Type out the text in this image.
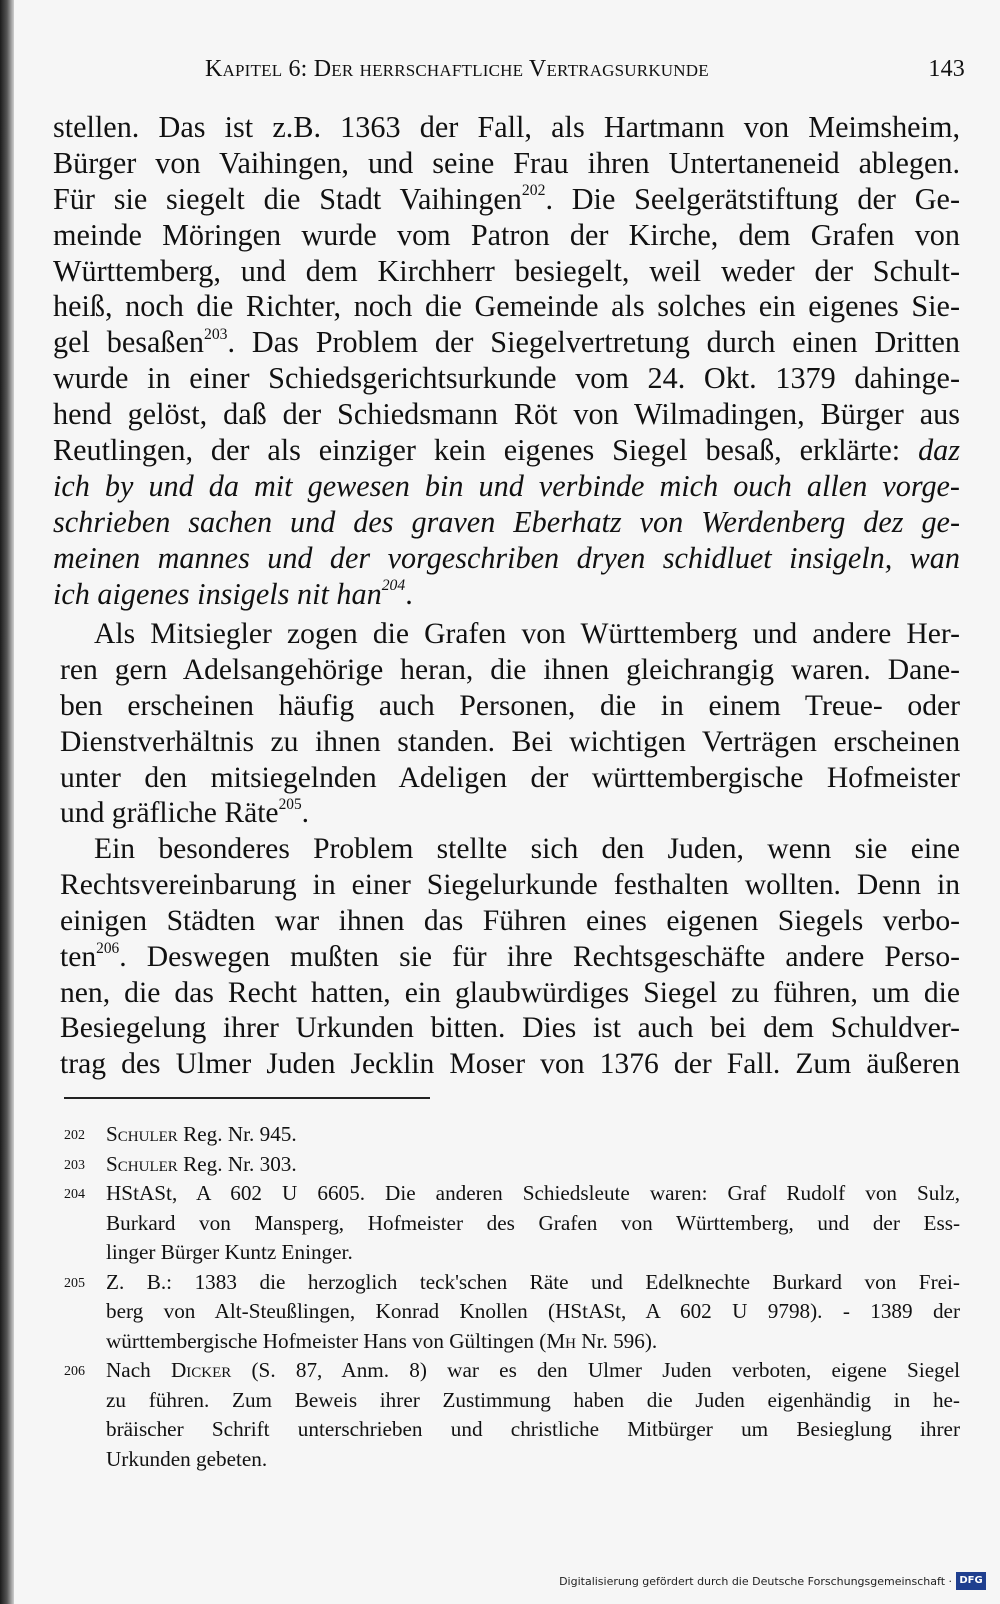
Kapitel 6: Der herrschaftliche Vertragsurkunde	143
stellen. Das ist z.B. 1363 der Fall, als Hartmann von Meimsheim,
Bürger von Vaihingen, und seine Frau ihren Untertaneneid ablegen.
Für sie siegelt die Stadt Vaihingen$^{202}$. Die Seelgerätstiftung der Ge-
meinde Möringen wurde vom Patron der Kirche, dem Grafen von
Württemberg, und dem Kirchherr besiegelt, weil weder der Schult-
heiß, noch die Richter, noch die Gemeinde als solches ein eigenes Sie-
gel besaßen$^{203}$. Das Problem der Siegelvertretung durch einen Dritten
wurde in einer Schiedsgerichtsurkunde vom 24. Okt. 1379 dahinge-
hend gelöst, daß der Schiedsmann Röt von Wilmadingen, Bürger aus
Reutlingen, der als einziger kein eigenes Siegel besaß, erklärte: daz
ich by und da mit gewesen bin und verbinde mich ouch allen vorge-
schrieben sachen und des graven Eberhatz von Werdenberg dez ge-
meinen mannes und der vorgeschriben dryen schidluet insigeln, wan
ich aigenes insigels nit han$^{204}$.
Als Mitsiegler zogen die Grafen von Württemberg und andere Her-
ren gern Adelsangehörige heran, die ihnen gleichrangig waren. Dane-
ben erscheinen häufig auch Personen, die in einem Treue- oder
Dienstverhältnis zu ihnen standen. Bei wichtigen Verträgen erscheinen
unter den mitsiegelnden Adeligen der württembergische Hofmeister
und gräfliche Räte$^{205}$.
Ein besonderes Problem stellte sich den Juden, wenn sie eine
Rechtsvereinbarung in einer Siegelurkunde festhalten wollten. Denn in
einigen Städten war ihnen das Führen eines eigenen Siegels verbo-
ten$^{206}$. Deswegen mußten sie für ihre Rechtsgeschäfte andere Perso-
nen, die das Recht hatten, ein glaubwürdiges Siegel zu führen, um die
Besiegelung ihrer Urkunden bitten. Dies ist auch bei dem Schuldver-
trag des Ulmer Juden Jecklin Moser von 1376 der Fall. Zum äußeren
202 Schuler Reg. Nr. 945.
203 Schuler Reg. Nr. 303.
204 HStASt, A 602 U 6605. Die anderen Schiedsleute waren: Graf Rudolf von Sulz,
Burkard von Mansperg, Hofmeister des Grafen von Württemberg, und der Ess-
linger Bürger Kuntz Eninger.
205 Z. B.: 1383 die herzoglich teck'schen Räte und Edelknechte Burkard von Frei-
berg von Alt-Steußlingen, Konrad Knollen (HStASt, A 602 U 9798). - 1389 der
württembergische Hofmeister Hans von Gültingen (Mh Nr. 596).
206 Nach Dicker (S. 87, Anm. 8) war es den Ulmer Juden verboten, eigene Siegel
zu führen. Zum Beweis ihrer Zustimmung haben die Juden eigenhändig in he-
bräischer Schrift unterschrieben und christliche Mitbürger um Besieglung ihrer
Urkunden gebeten.
Digitalisierung gefördert durch die Deutsche Forschungsgemeinschaft · DFG
